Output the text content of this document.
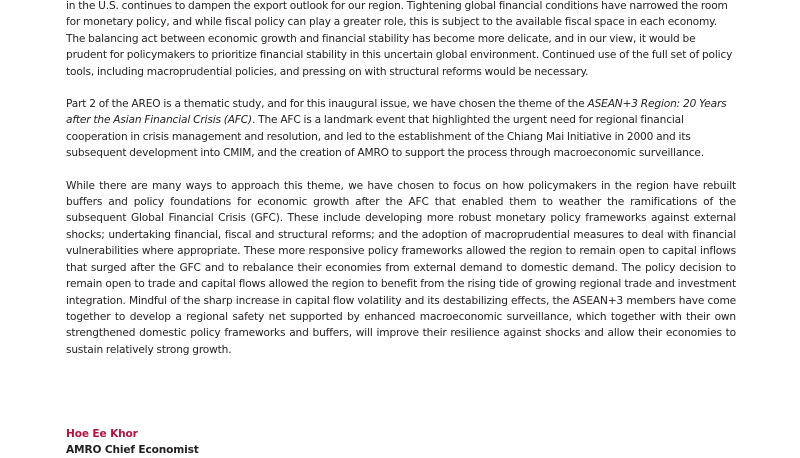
in the U.S. continues to dampen the export outlook for our region. Tightening global financial conditions have narrowed the room for monetary policy, and while fiscal policy can play a greater role, this is subject to the available fiscal space in each economy. The balancing act between economic growth and financial stability has become more delicate, and in our view, it would be prudent for policymakers to prioritize financial stability in this uncertain global environment. Continued use of the full set of policy tools, including macroprudential policies, and pressing on with structural reforms would be necessary.

Part 2 of the AREO is a thematic study, and for this inaugural issue, we have chosen the theme of the ASEAN+3 Region: 20 Years after the Asian Financial Crisis (AFC). The AFC is a landmark event that highlighted the urgent need for regional financial cooperation in crisis management and resolution, and led to the establishment of the Chiang Mai Initiative in 2000 and its subsequent development into CMIM, and the creation of AMRO to support the process through macroeconomic surveillance.

While there are many ways to approach this theme, we have chosen to focus on how policymakers in the region have rebuilt buffers and policy foundations for economic growth after the AFC that enabled them to weather the ramifications of the subsequent Global Financial Crisis (GFC). These include developing more robust monetary policy frameworks against external shocks; undertaking financial, fiscal and structural reforms; and the adoption of macroprudential measures to deal with financial vulnerabilities where appropriate. These more responsive policy frameworks allowed the region to remain open to capital inflows that surged after the GFC and to rebalance their economies from external demand to domestic demand. The policy decision to remain open to trade and capital flows allowed the region to benefit from the rising tide of growing regional trade and investment integration. Mindful of the sharp increase in capital flow volatility and its destabilizing effects, the ASEAN+3 members have come together to develop a regional safety net supported by enhanced macroeconomic surveillance, which together with their own strengthened domestic policy frameworks and buffers, will improve their resilience against shocks and allow their economies to sustain relatively strong growth.

Hoe Ee Khor
AMRO Chief Economist
